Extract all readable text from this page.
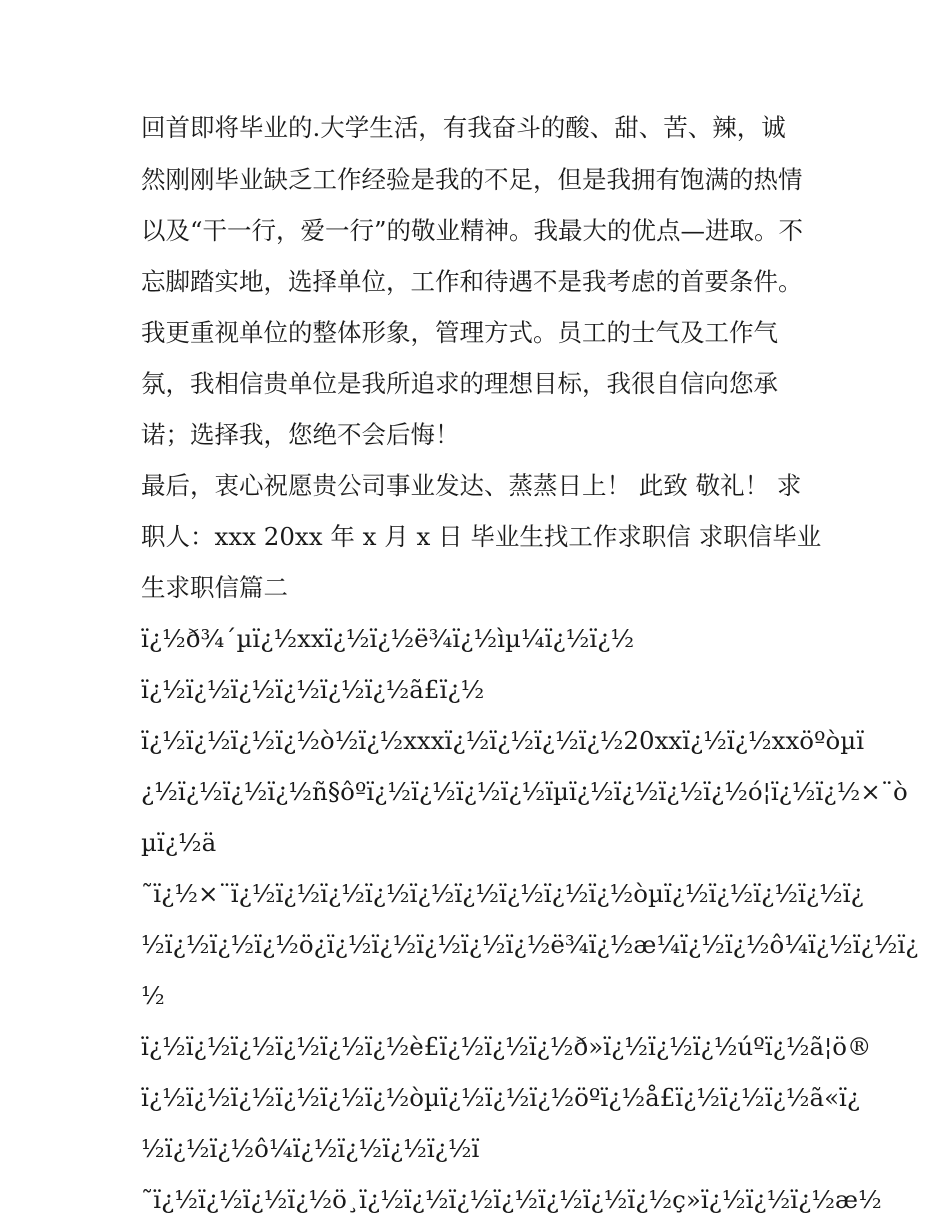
回首即将毕业的.大学生活，有我奋斗的酸、甜、苦、辣，诚
然刚刚毕业缺乏工作经验是我的不足，但是我拥有饱满的热情
以及“干一行，爱一行”的敬业精神。我最大的优点—进取。不
忘脚踏实地，选择单位，工作和待遇不是我考虑的首要条件。
我更重视单位的整体形象，管理方式。员工的士气及工作气
氛，我相信贵单位是我所追求的理想目标，我很自信向您承
诺；选择我，您绝不会后悔！
最后，衷心祝愿贵公司事业发达、蒸蒸日上！ 此致 敬礼！ 求
职人：xxx 20xx 年 x 月 x 日 毕业生找工作求职信 求职信毕业
生求职信篇二
ï¿½ð¾´µï¿½xxï¿½ï¿½ë¾ï¿½ìµ¼ï¿½ï¿½
ï¿½ï¿½ï¿½ï¿½ï¿½ï¿½ã£ï¿½
ï¿½ï¿½ï¿½ï¿½ò½ï¿½xxxï¿½ï¿½ï¿½ï¿½20xxï¿½ï¿½xxöºòµï
¿½ï¿½ï¿½ï¿½ñ§ôºï¿½ï¿½ï¿½ï¿½ïµï¿½ï¿½ï¿½ï¿½ó¦ï¿½ï¿½×¨ò
µï¿½ä
˜ï¿½×¨ï¿½ï¿½ï¿½ï¿½ï¿½ï¿½ï¿½ï¿½ï¿½òµï¿½ï¿½ï¿½ï¿½ï¿
½ï¿½ï¿½ï¿½ö¿ï¿½ï¿½ï¿½ï¿½ï¿½ë¾ï¿½æ¼ï¿½ï¿½ô¼ï¿½ï¿½ï¿
½
ï¿½ï¿½ï¿½ï¿½ï¿½ï¿½è£ï¿½ï¿½ï¿½ð»ï¿½ï¿½ï¿½úºï¿½ã¦ö®
ï¿½ï¿½ï¿½ï¿½ï¿½ï¿½òµï¿½ï¿½ï¿½öºï¿½å£ï¿½ï¿½ï¿½ã«ï¿
½ï¿½ï¿½ô¼ï¿½ï¿½ï¿½ï¿½ï
˜ï¿½ï¿½ï¿½ï¿½ö¸ï¿½ï¿½ï¿½ï¿½ï¿½ï¿½ï¿½ç»ï¿½ï¿½ï¿½æ½
